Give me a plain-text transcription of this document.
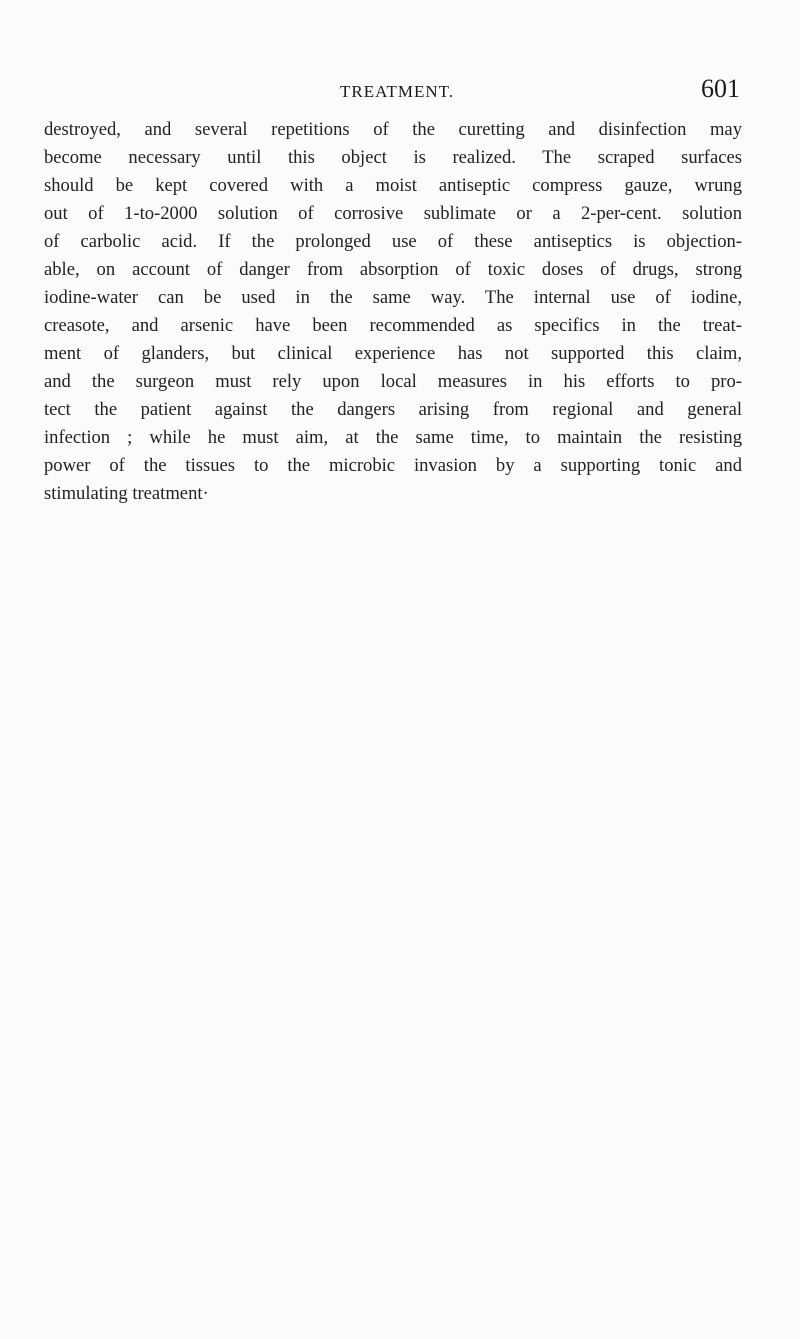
TREATMENT.	601
destroyed, and several repetitions of the curetting and disinfection may
become necessary until this object is realized. The scraped surfaces
should be kept covered with a moist antiseptic compress gauze, wrung
out of 1-to-2000 solution of corrosive sublimate or a 2-per-cent. solution
of carbolic acid. If the prolonged use of these antiseptics is objection-
able, on account of danger from absorption of toxic doses of drugs, strong
iodine-water can be used in the same way. The internal use of iodine,
creasote, and arsenic have been recommended as specifics in the treat-
ment of glanders, but clinical experience has not supported this claim,
and the surgeon must rely upon local measures in his efforts to pro-
tect the patient against the dangers arising from regional and general
infection ; while he must aim, at the same time, to maintain the resisting
power of the tissues to the microbic invasion by a supporting tonic and
stimulating treatment·
